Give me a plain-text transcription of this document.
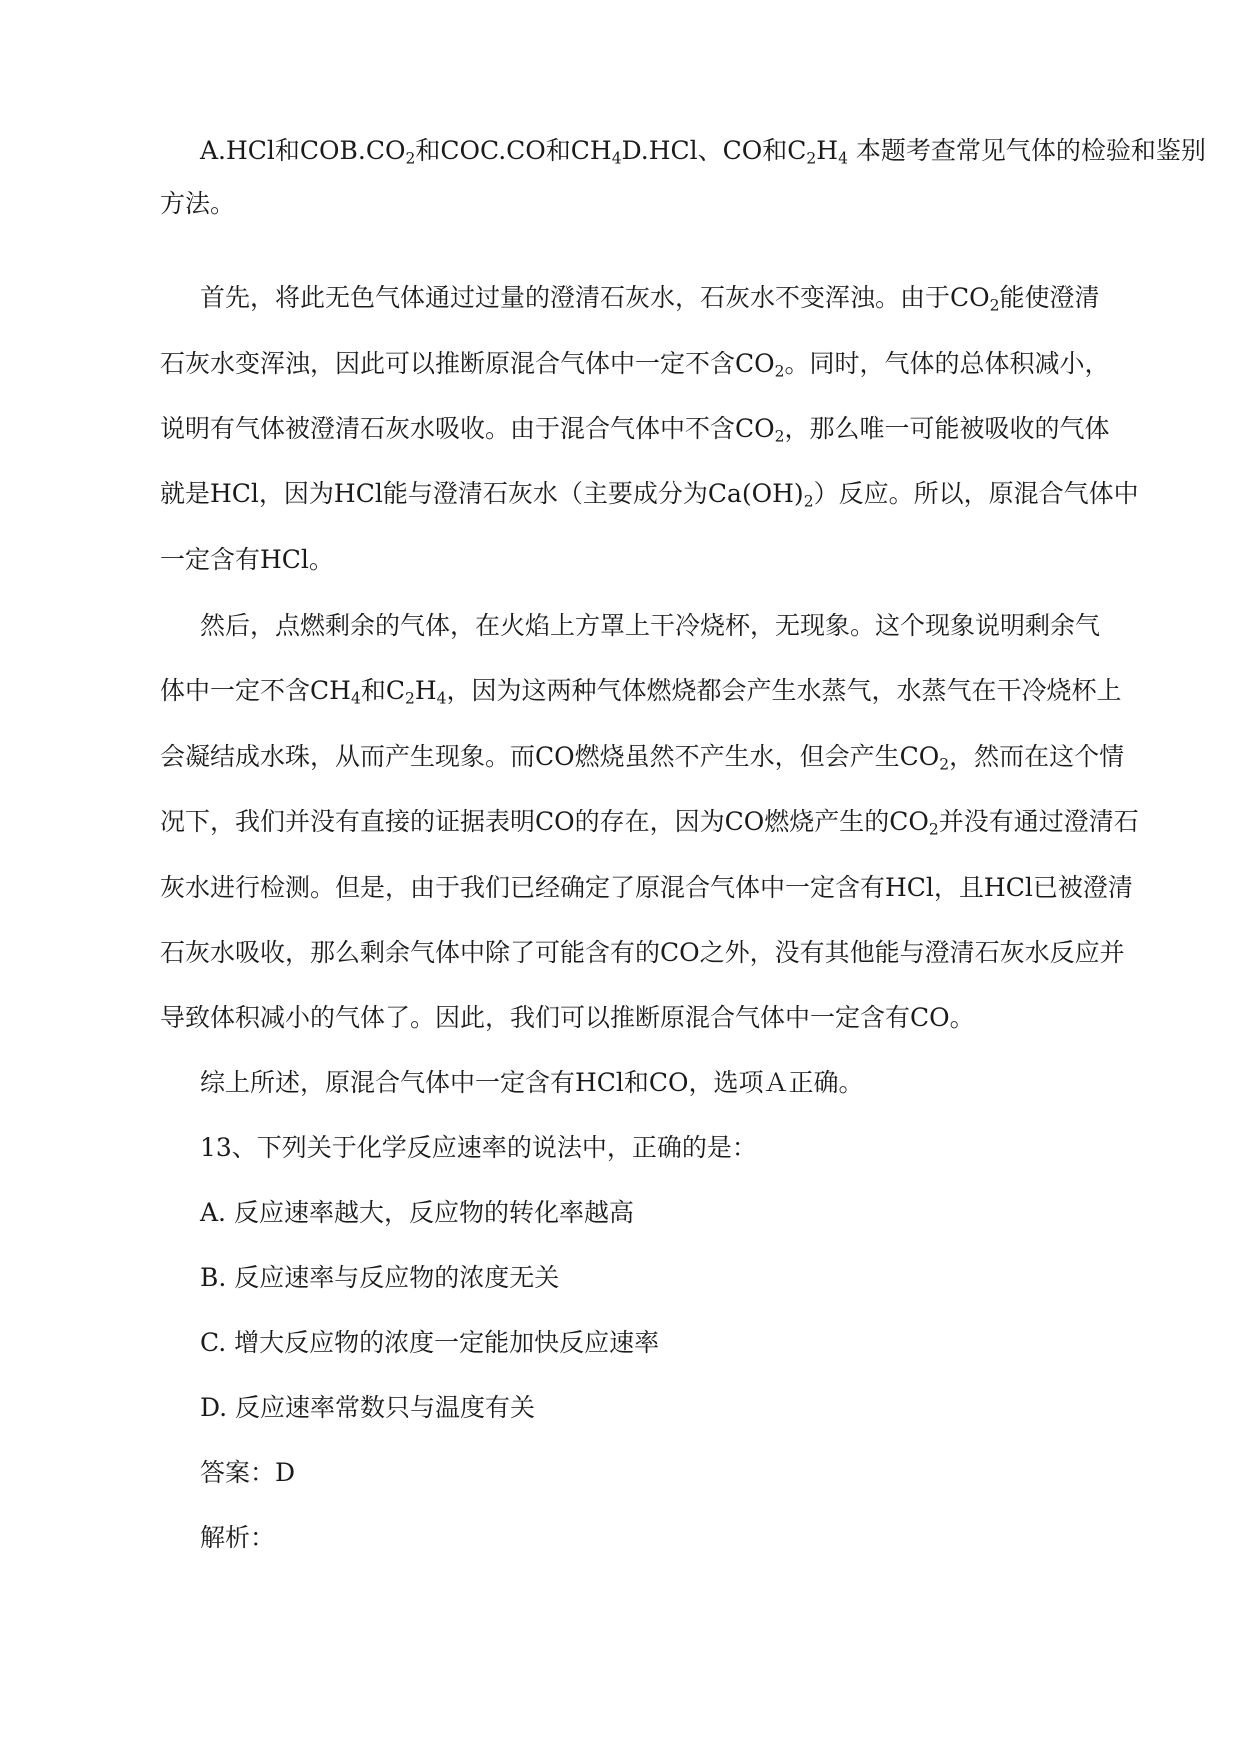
A.HCl和$COB.CO_2$和COC.CO和$CH_4D.HCl$、CO和$C_2H_4$ 本题考查常见气体的检验和鉴别
方法。
首先，将此无色气体通过过量的澄清石灰水，石灰水不变浑浊。由于$CO_2$能使澄清
石灰水变浑浊，因此可以推断原混合气体中一定不含$CO_2$。同时，气体的总体积减小，
说明有气体被澄清石灰水吸收。由于混合气体中不含$CO_2$，那么唯一可能被吸收的气体
就是HCl，因为HCl能与澄清石灰水（主要成分为$Ca(OH)_2$）反应。所以，原混合气体中
一定含有HCl。
然后，点燃剩余的气体，在火焰上方罩上干冷烧杯，无现象。这个现象说明剩余气
体中一定不含$CH_4$和$C_2H_4$，因为这两种气体燃烧都会产生水蒸气，水蒸气在干冷烧杯上
会凝结成水珠，从而产生现象。而CO燃烧虽然不产生水，但会产生$CO_2$，然而在这个情
况下，我们并没有直接的证据表明CO的存在，因为CO燃烧产生的$CO_2$并没有通过澄清石
灰水进行检测。但是，由于我们已经确定了原混合气体中一定含有HCl，且HCl已被澄清
石灰水吸收，那么剩余气体中除了可能含有的CO之外，没有其他能与澄清石灰水反应并
导致体积减小的气体了。因此，我们可以推断原混合气体中一定含有CO。
综上所述，原混合气体中一定含有HCl和CO，选项Ａ正确。
13、下列关于化学反应速率的说法中，正确的是：
A. 反应速率越大，反应物的转化率越高
B. 反应速率与反应物的浓度无关
C. 增大反应物的浓度一定能加快反应速率
D. 反应速率常数只与温度有关
答案：D
解析：
